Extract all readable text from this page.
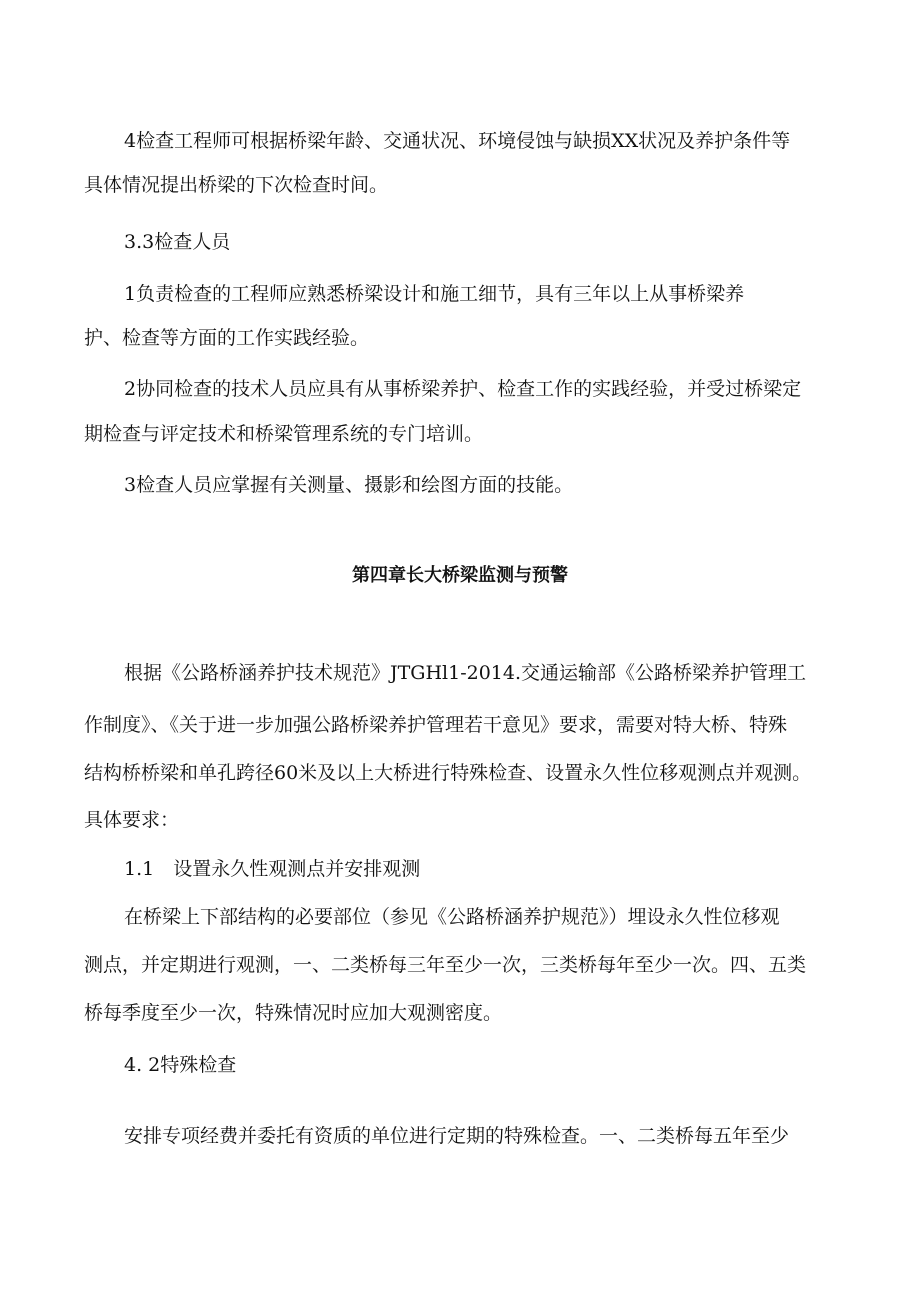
4检查工程师可根据桥梁年龄、交通状况、环境侵蚀与缺损XX状况及养护条件等
具体情况提出桥梁的下次检查时间。
3.3检查人员
1负责检查的工程师应熟悉桥梁设计和施工细节，具有三年以上从事桥梁养
护、检查等方面的工作实践经验。
2协同检查的技术人员应具有从事桥梁养护、检查工作的实践经验，并受过桥梁定
期检查与评定技术和桥梁管理系统的专门培训。
3检查人员应掌握有关测量、摄影和绘图方面的技能。
第四章长大桥梁监测与预警
根据《公路桥涵养护技术规范》JTGHl1-2014.交通运输部《公路桥梁养护管理工
作制度》、《关于进一步加强公路桥梁养护管理若干意见》要求，需要对特大桥、特殊
结构桥桥梁和单孔跨径60米及以上大桥进行特殊检查、设置永久性位移观测点并观测。
具体要求：
1.1　设置永久性观测点并安排观测
在桥梁上下部结构的必要部位（参见《公路桥涵养护规范》）埋设永久性位移观
测点，并定期进行观测，一、二类桥每三年至少一次，三类桥每年至少一次。四、五类
桥每季度至少一次，特殊情况时应加大观测密度。
4. 2特殊检查
安排专项经费并委托有资质的单位进行定期的特殊检查。一、二类桥每五年至少
